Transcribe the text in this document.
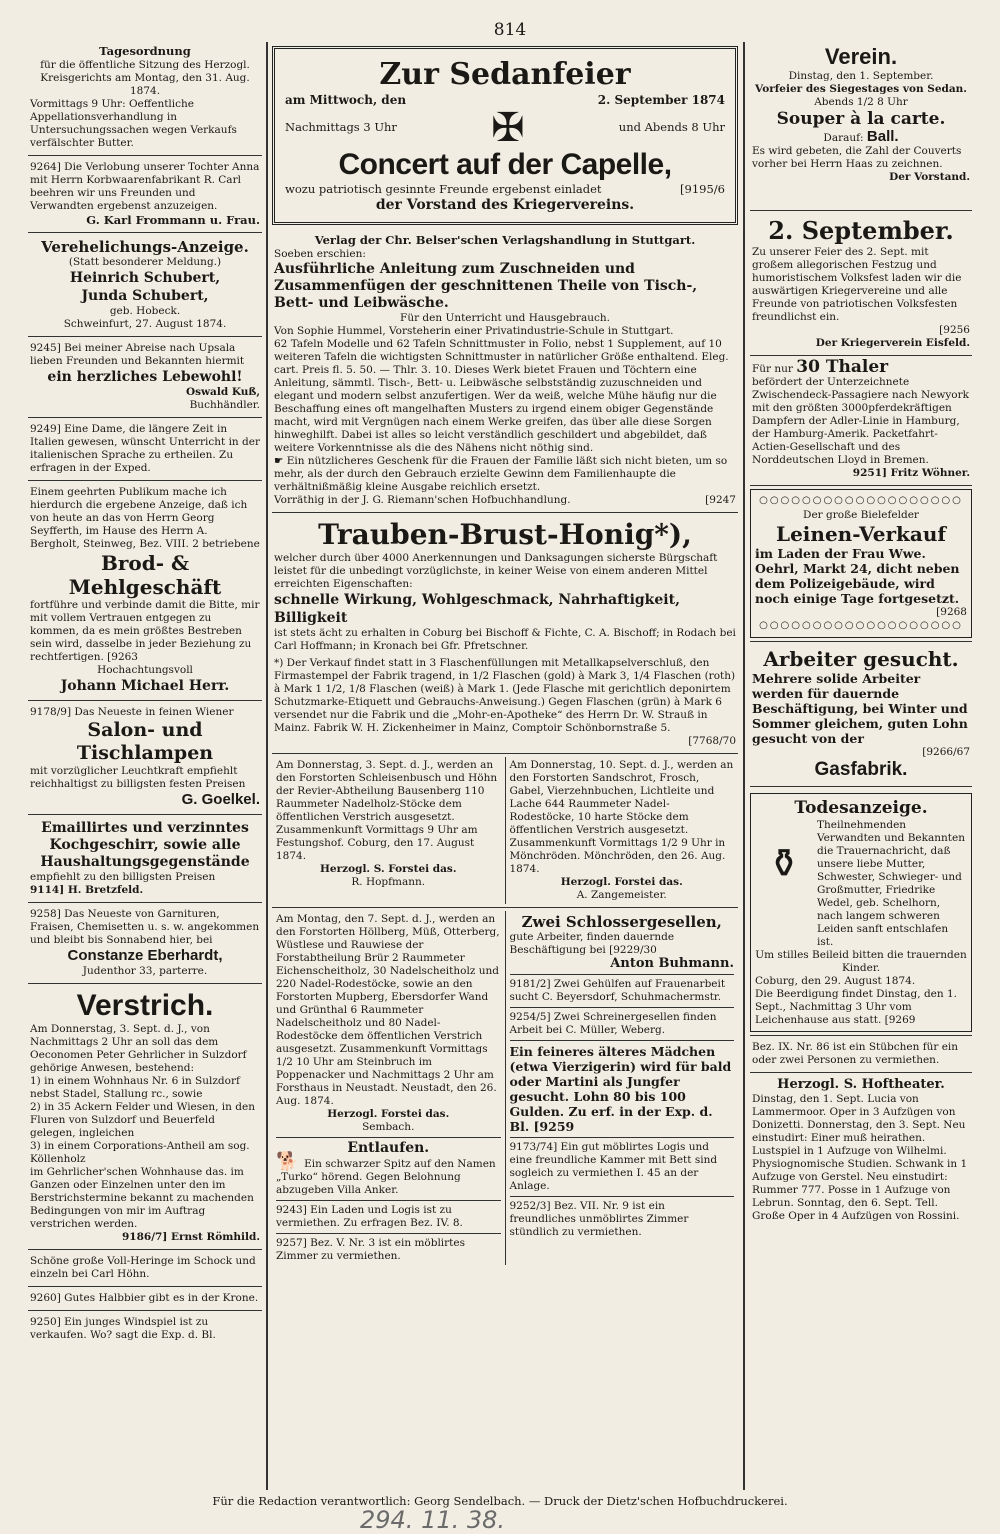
814

Tagesordnung

für die öffentliche Sitzung des Herzogl. Kreisgerichts am Montag, den 31. Aug. 1874.

Vormittags 9 Uhr: Oeffentliche Appellationsverhandlung in Untersuchungssachen wegen Verkaufs verfälschter Butter.

9264] Die Verlobung unserer Tochter Anna mit Herrn Korbwaarenfabrikant R. Carl beehren wir uns Freunden und Verwandten ergebenst anzuzeigen.

G. Karl Frommann u. Frau.

Verehelichungs-Anzeige.

(Statt besonderer Meldung.)

Heinrich Schubert,

Junda Schubert,

geb. Hobeck.

Schweinfurt, 27. August 1874.

9245] Bei meiner Abreise nach Upsala lieben Freunden und Bekannten hiermit

ein herzliches Lebewohl!

Oswald Kuß,

Buchhändler.

9249] Eine Dame, die längere Zeit in Italien gewesen, wünscht Unterricht in der italienischen Sprache zu ertheilen. Zu erfragen in der Exped.

Einem geehrten Publikum mache ich hierdurch die ergebene Anzeige, daß ich von heute an das von Herrn Georg Seyfferth, im Hause des Herrn A. Bergholt, Steinweg, Bez. VIII. 2 betriebene

Brod- & Mehlgeschäft

fortführe und verbinde damit die Bitte, mir mit vollem Vertrauen entgegen zu kommen, da es mein größtes Bestreben sein wird, dasselbe in jeder Beziehung zu rechtfertigen. [9263

Hochachtungsvoll

Johann Michael Herr.

9178/9] Das Neueste in feinen Wiener

Salon- und Tischlampen

mit vorzüglicher Leuchtkraft empfiehlt reichhaltigst zu billigsten festen Preisen

G. Goelkel.

Emaillirtes und verzinntes Kochgeschirr, sowie alle Haushaltungsgegenstände

empfiehlt zu den billigsten Preisen

9114] H. Bretzfeld.

9258] Das Neueste von Garnituren, Fraisen, Chemisetten u. s. w. angekommen und bleibt bis Sonnabend hier, bei

Constanze Eberhardt,

Judenthor 33, parterre.

Verstrich.

Am Donnerstag, 3. Sept. d. J., von Nachmittags 2 Uhr an soll das dem Oeconomen Peter Gehrlicher in Sulzdorf gehörige Anwesen, bestehend:

1) in einem Wohnhaus Nr. 6 in Sulzdorf nebst Stadel, Stallung rc., sowie

2) in 35 Ackern Felder und Wiesen, in den Fluren von Sulzdorf und Beuerfeld gelegen, ingleichen

3) in einem Corporations-Antheil am sog. Köllenholz

im Gehrlicher'schen Wohnhause das. im Ganzen oder Einzelnen unter den im Berstrichstermine bekannt zu machenden Bedingungen von mir im Auftrag verstrichen werden.

9186/7] Ernst Römhild.

Schöne große Voll-Heringe im Schock und einzeln bei Carl Höhn.

9260] Gutes Halbbier gibt es in der Krone.

9250] Ein junges Windspiel ist zu verkaufen. Wo? sagt die Exp. d. Bl.

Zur Sedanfeier

am Mittwoch, den	2. September 1874
Nachmittags 3 Uhr ✠	und Abends 8 Uhr

Concert auf der Capelle,

wozu patriotisch gesinnte Freunde ergebenst einladet	[9195/6

der Vorstand des Kriegervereins.

Verlag der Chr. Belser'schen Verlagshandlung in Stuttgart.

Soeben erschien:

Ausführliche Anleitung zum Zuschneiden und Zusammenfügen der geschnittenen Theile von Tisch-, Bett- und Leibwäsche.

Für den Unterricht und Hausgebrauch.

Von Sophie Hummel, Vorsteherin einer Privatindustrie-Schule in Stuttgart.

62 Tafeln Modelle und 62 Tafeln Schnittmuster in Folio, nebst 1 Supplement, auf 10 weiteren Tafeln die wichtigsten Schnittmuster in natürlicher Größe enthaltend. Eleg. cart. Preis fl. 5. 50. — Thlr. 3. 10. Dieses Werk bietet Frauen und Töchtern eine Anleitung, sämmtl. Tisch-, Bett- u. Leibwäsche selbstständig zuzuschneiden und elegant und modern selbst anzufertigen. Wer da weiß, welche Mühe häufig nur die Beschaffung eines oft mangelhaften Musters zu irgend einem obiger Gegenstände macht, wird mit Vergnügen nach einem Werke greifen, das über alle diese Sorgen hinweghilft. Dabei ist alles so leicht verständlich geschildert und abgebildet, daß weitere Vorkenntnisse als die des Nähens nicht nöthig sind.

☛ Ein nützlicheres Geschenk für die Frauen der Familie läßt sich nicht bieten, um so mehr, als der durch den Gebrauch erzielte Gewinn dem Familienhaupte die verhältnißmäßig kleine Ausgabe reichlich ersetzt.

Vorräthig in der J. G. Riemann'schen Hofbuchhandlung.	[9247

Trauben-Brust-Honig*),

welcher durch über 4000 Anerkennungen und Danksagungen sicherste Bürgschaft leistet für die unbedingt vorzüglichste, in keiner Weise von einem anderen Mittel erreichten Eigenschaften:

schnelle Wirkung, Wohlgeschmack, Nahrhaftigkeit, Billigkeit

ist stets ächt zu erhalten in Coburg bei Bischoff & Fichte, C. A. Bischoff; in Rodach bei Carl Hoffmann; in Kronach bei Gfr. Pfretschner.

*) Der Verkauf findet statt in 3 Flaschenfüllungen mit Metallkapselverschluß, den Firmastempel der Fabrik tragend, in 1/2 Flaschen (gold) à Mark 3, 1/4 Flaschen (roth) à Mark 1 1/2, 1/8 Flaschen (weiß) à Mark 1. (Jede Flasche mit gerichtlich deponirtem Schutzmarke-Etiquett und Gebrauchs-Anweisung.) Gegen Flaschen (grün) à Mark 6 versendet nur die Fabrik und die „Mohr-en-Apotheke“ des Herrn Dr. W. Strauß in Mainz. Fabrik W. H. Zickenheimer in Mainz, Comptoir Schönbornstraße 5.

[7768/70

Am Donnerstag, 3. Sept. d. J., werden an den Forstorten Schleisenbusch und Höhn der Revier-Abtheilung Bausenberg 110 Raummeter Nadelholz-Stöcke dem öffentlichen Verstrich ausgesetzt. Zusammenkunft Vormittags 9 Uhr am Festungshof. Coburg, den 17. August 1874.

Herzogl. S. Forstei das.

R. Hopfmann.

Am Donnerstag, 10. Sept. d. J., werden an den Forstorten Sandschrot, Frosch, Gabel, Vierzehnbuchen, Lichtleite und Lache 644 Raummeter Nadel-Rodestöcke, 10 harte Stöcke dem öffentlichen Verstrich ausgesetzt. Zusammenkunft Vormittags 1/2 9 Uhr in Mönchröden. Mönchröden, den 26. Aug. 1874.

Herzogl. Forstei das.

A. Zangemeister.

Am Montag, den 7. Sept. d. J., werden an den Forstorten Höllberg, Müß, Otterberg, Wüstlese und Rauwiese der Forstabtheilung Brür 2 Raummeter Eichenscheitholz, 30 Nadelscheitholz und 220 Nadel-Rodestöcke, sowie an den Forstorten Mupberg, Ebersdorfer Wand und Grünthal 6 Raummeter Nadelscheitholz und 80 Nadel-Rodestöcke dem öffentlichen Verstrich ausgesetzt. Zusammenkunft Vormittags 1/2 10 Uhr am Steinbruch im Poppenacker und Nachmittags 2 Uhr am Forsthaus in Neustadt. Neustadt, den 26. Aug. 1874.

Herzogl. Forstei das.

Sembach.

Entlaufen.

🐕 Ein schwarzer Spitz auf den Namen „Turko“ hörend. Gegen Belohnung abzugeben Villa Anker.

9243] Ein Laden und Logis ist zu vermiethen. Zu erfragen Bez. IV. 8.

9257] Bez. V. Nr. 3 ist ein möblirtes Zimmer zu vermiethen.

Zwei Schlossergesellen,

gute Arbeiter, finden dauernde Beschäftigung bei [9229/30

Anton Buhmann.

9181/2] Zwei Gehülfen auf Frauenarbeit sucht C. Beyersdorf, Schuhmachermstr.

9254/5] Zwei Schreinergesellen finden Arbeit bei C. Müller, Weberg.

Ein feineres älteres Mädchen (etwa Vierzigerin) wird für bald oder Martini als Jungfer gesucht. Lohn 80 bis 100 Gulden. Zu erf. in der Exp. d. Bl. [9259

9173/74] Ein gut möblirtes Logis und eine freundliche Kammer mit Bett sind sogleich zu vermiethen I. 45 an der Anlage.

9252/3] Bez. VII. Nr. 9 ist ein freundliches unmöblirtes Zimmer stündlich zu vermiethen.

Verein.

Dinstag, den 1. September.

Vorfeier des Siegestages von Sedan.

Abends 1/2 8 Uhr

Souper à la carte.

Darauf: Ball.

Es wird gebeten, die Zahl der Couverts vorher bei Herrn Haas zu zeichnen.

Der Vorstand.

2. September.

Zu unserer Feier des 2. Sept. mit großem allegorischen Festzug und humoristischem Volksfest laden wir die auswärtigen Kriegervereine und alle Freunde von patriotischen Volksfesten freundlichst ein.

[9256

Der Kriegerverein Eisfeld.

Für nur 30 Thaler

befördert der Unterzeichnete Zwischendeck-Passagiere nach Newyork mit den größten 3000pferdekräftigen Dampfern der Adler-Linie in Hamburg, der Hamburg-Amerik. Packetfahrt-Actien-Gesellschaft und des Norddeutschen Lloyd in Bremen.

9251] Fritz Wöhner.

○○○○○○○○○○○○○○○○○○○

Der große Bielefelder

Leinen-Verkauf

im Laden der Frau Wwe. Oehrl, Markt 24, dicht neben dem Polizeigebäude, wird noch einige Tage fortgesetzt.

[9268

○○○○○○○○○○○○○○○○○○○

Arbeiter gesucht.

Mehrere solide Arbeiter werden für dauernde Beschäftigung, bei Winter und Sommer gleichem, guten Lohn gesucht von der

[9266/67

Gasfabrik.

Todesanzeige.

⚱

Theilnehmenden Verwandten und Bekannten die Trauernachricht, daß unsere liebe Mutter, Schwester, Schwieger- und Großmutter, Friedrike Wedel, geb. Schelhorn, nach langem schweren Leiden sanft entschlafen ist.

Um stilles Beileid bitten die trauernden Kinder.

Coburg, den 29. August 1874.

Die Beerdigung findet Dinstag, den 1. Sept., Nachmittag 3 Uhr vom Leichenhause aus statt. [9269

Bez. IX. Nr. 86 ist ein Stübchen für ein oder zwei Personen zu vermiethen.

Herzogl. S. Hoftheater.

Dinstag, den 1. Sept. Lucia von Lammermoor. Oper in 3 Aufzügen von Donizetti. Donnerstag, den 3. Sept. Neu einstudirt: Einer muß heirathen. Lustspiel in 1 Aufzuge von Wilhelmi. Physiognomische Studien. Schwank in 1 Aufzuge von Gerstel. Neu einstudirt: Rummer 777. Posse in 1 Aufzuge von Lebrun. Sonntag, den 6. Sept. Tell. Große Oper in 4 Aufzügen von Rossini.

Für die Redaction verantwortlich: Georg Sendelbach. — Druck der Dietz'schen Hofbuchdruckerei.
294. 11. 38.
